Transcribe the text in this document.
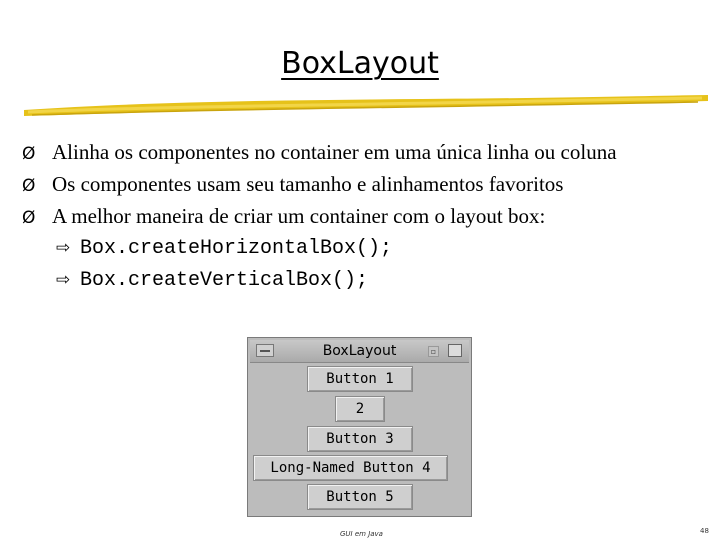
BoxLayout
Ø Alinha os componentes no container em uma única linha ou coluna
Ø Os componentes usam seu tamanho e alinhamentos favoritos
Ø A melhor maneira de criar um container com o layout box:
⇨ Box.createHorizontalBox();
⇨ Box.createVerticalBox();
BoxLayout	▫
Button 1
2
Button 3
Long-Named Button 4
Button 5
GUI em Java	48
